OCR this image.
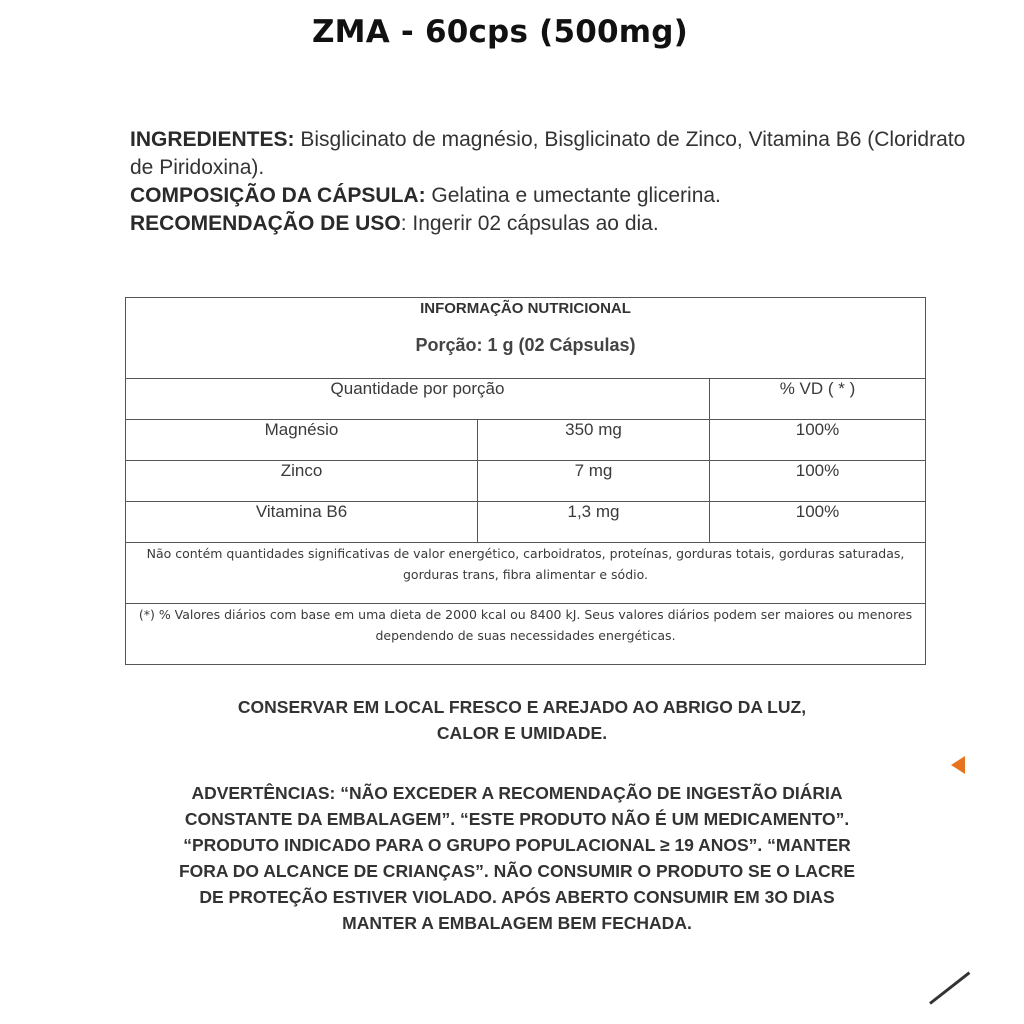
ZMA - 60cps (500mg)

INGREDIENTES: Bisglicinato de magnésio, Bisglicinato de Zinco, Vitamina B6 (Cloridrato de Piridoxina).

COMPOSIÇÃO DA CÁPSULA: Gelatina e umectante glicerina.

RECOMENDAÇÃO DE USO: Ingerir 02 cápsulas ao dia.

INFORMAÇÃO NUTRICIONAL
Porção: 1 g (02 Cápsulas)		

Quantidade por porção		% VD ( * )
Magnésio	350 mg	100%
Zinco	7 mg	100%
Vitamina B6	1,3 mg	100%
Não contém quantidades significativas de valor energético, carboidratos, proteínas, gorduras totais, gorduras saturadas, gorduras trans, fibra alimentar e sódio.		
(*) % Valores diários com base em uma dieta de 2000 kcal ou 8400 kJ. Seus valores diários podem ser maiores ou menores dependendo de suas necessidades energéticas.		

CONSERVAR EM LOCAL FRESCO E AREJADO AO ABRIGO DA LUZ,

CALOR E UMIDADE.

ADVERTÊNCIAS: “NÃO EXCEDER A RECOMENDAÇÃO DE INGESTÃO DIÁRIA

CONSTANTE DA EMBALAGEM”. “ESTE PRODUTO NÃO É UM MEDICAMENTO”.

“PRODUTO INDICADO PARA O GRUPO POPULACIONAL ≥ 19 ANOS”. “MANTER

FORA DO ALCANCE DE CRIANÇAS”. NÃO CONSUMIR O PRODUTO SE O LACRE

DE PROTEÇÃO ESTIVER VIOLADO. APÓS ABERTO CONSUMIR EM 3O DIAS

MANTER A EMBALAGEM BEM FECHADA.
